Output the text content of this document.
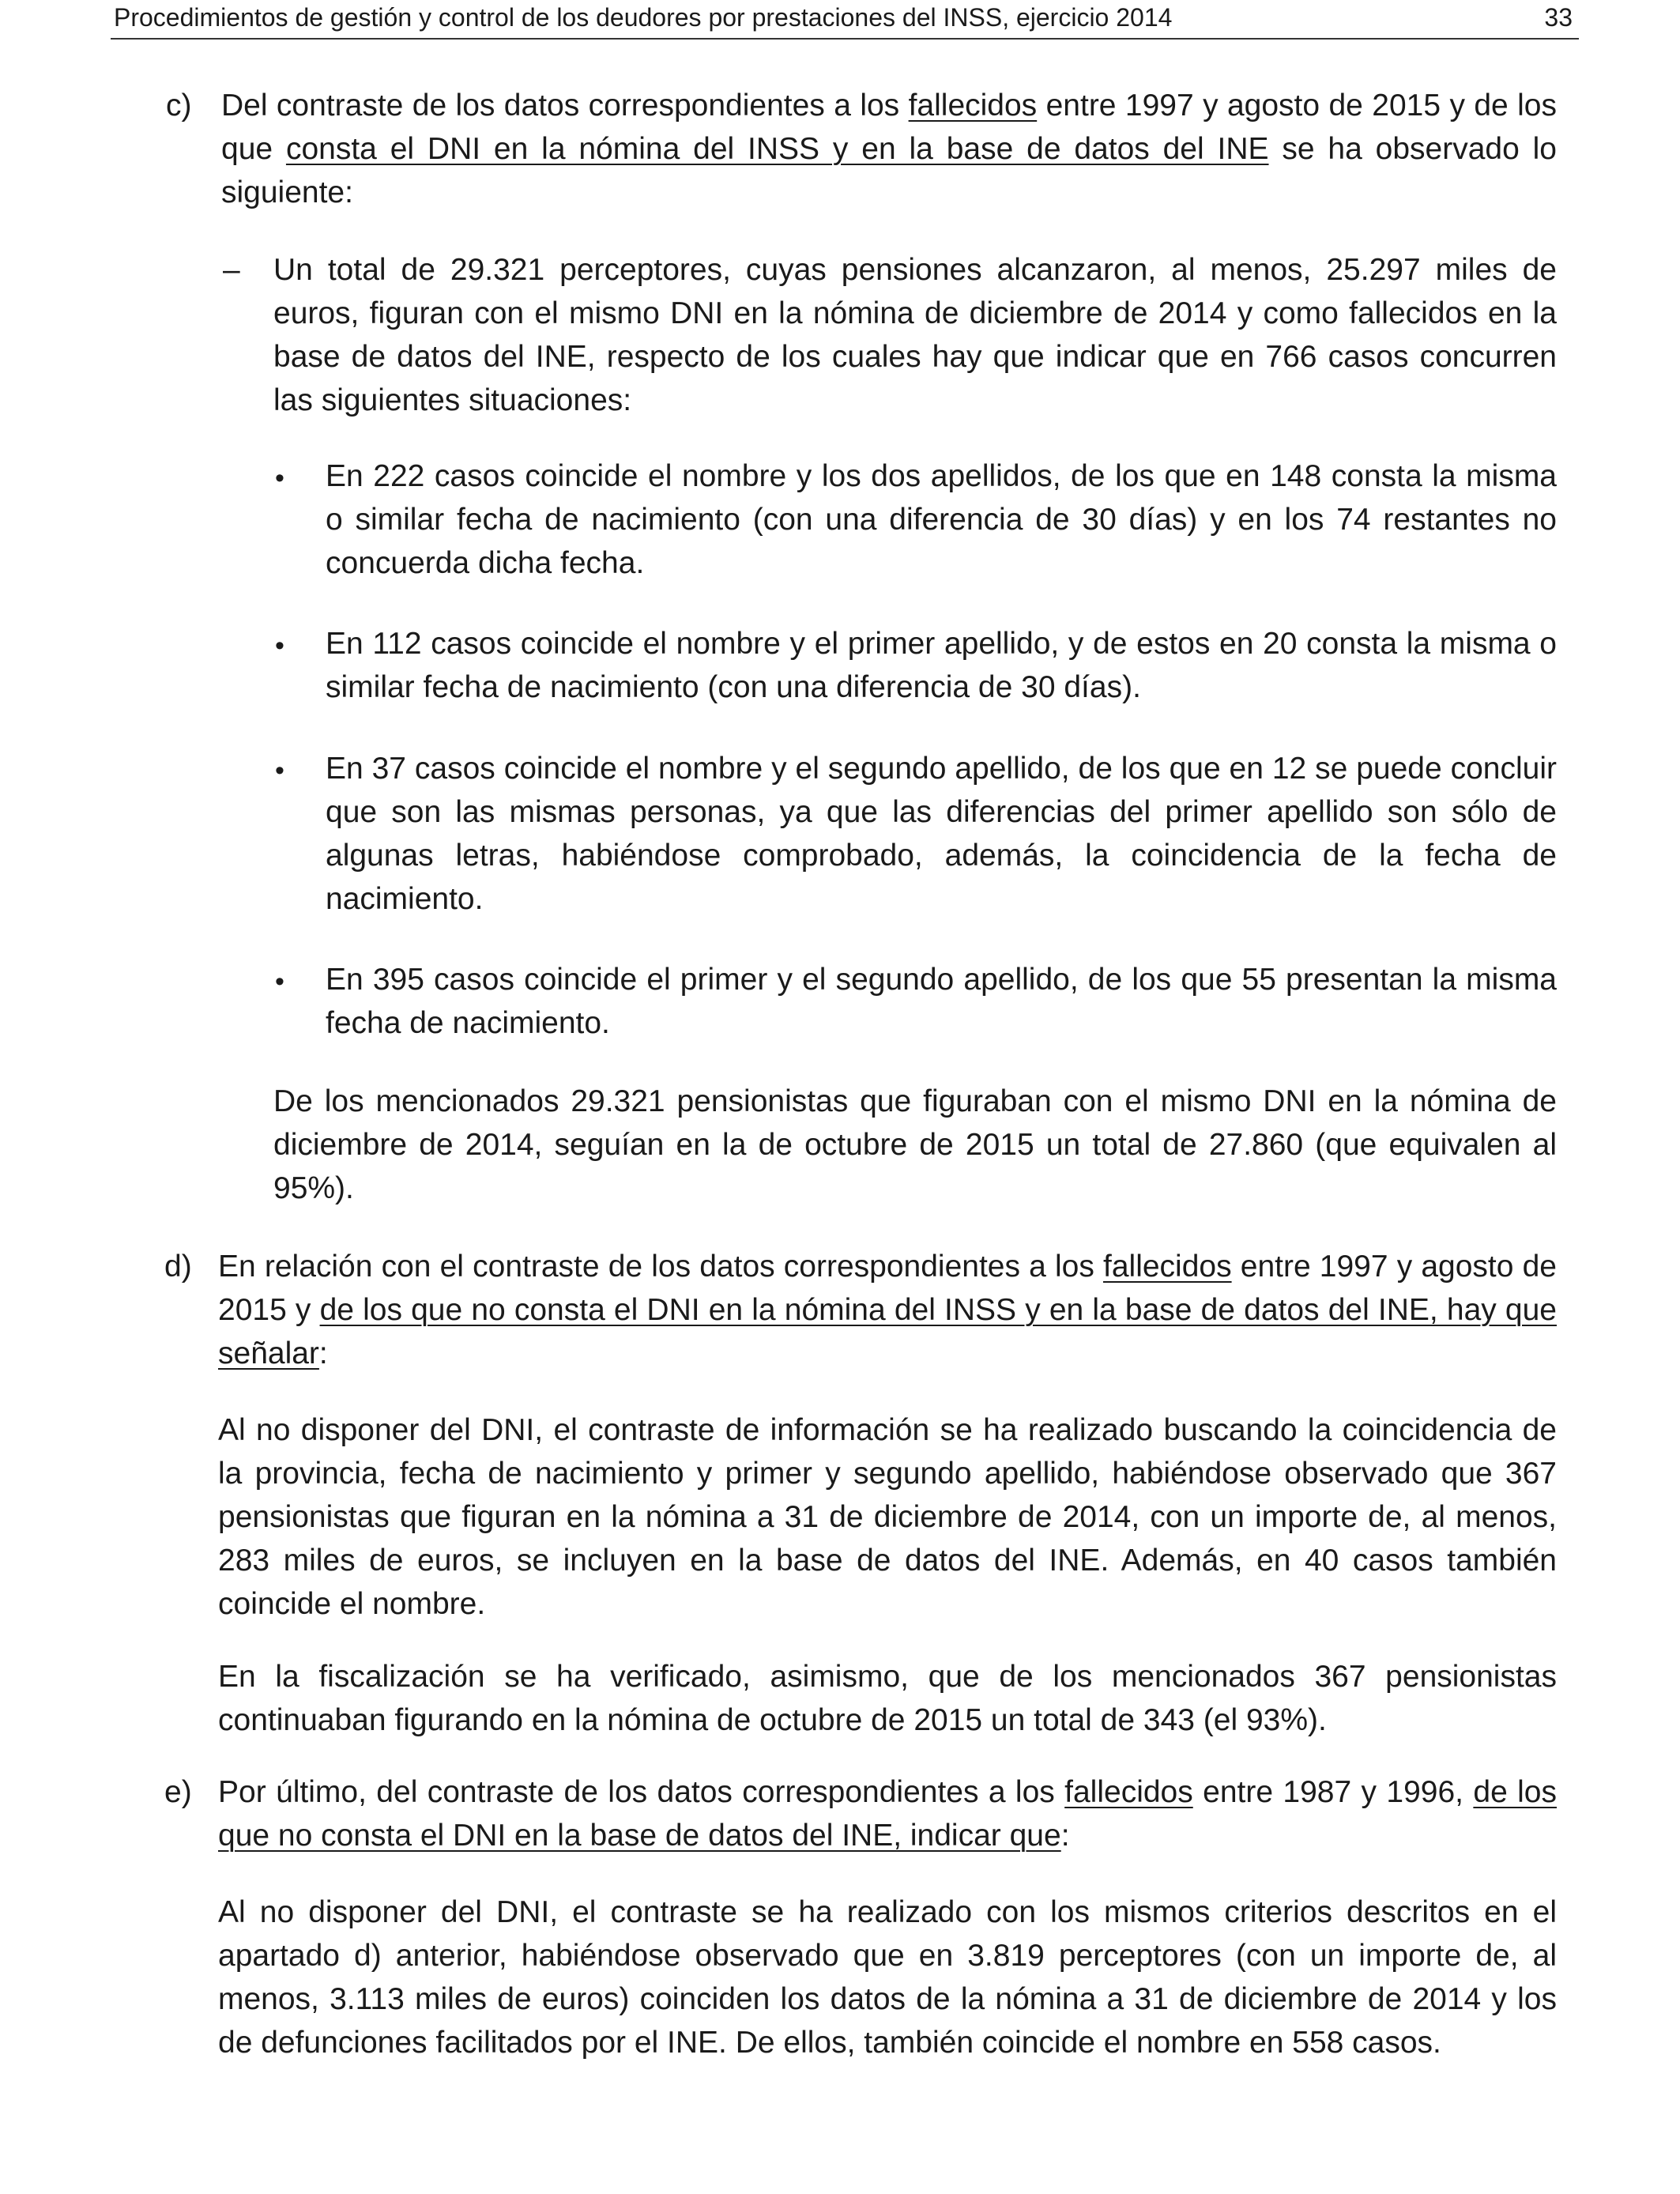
Procedimientos de gestión y control de los deudores por prestaciones del INSS, ejercicio 2014	33
c) Del contraste de los datos correspondientes a los fallecidos entre 1997 y agosto de 2015 y de los que consta el DNI en la nómina del INSS y en la base de datos del INE se ha observado lo siguiente:
– Un total de 29.321 perceptores, cuyas pensiones alcanzaron, al menos, 25.297 miles de euros, figuran con el mismo DNI en la nómina de diciembre de 2014 y como fallecidos en la base de datos del INE, respecto de los cuales hay que indicar que en 766 casos concurren las siguientes situaciones:
• En 222 casos coincide el nombre y los dos apellidos, de los que en 148 consta la misma o similar fecha de nacimiento (con una diferencia de 30 días) y en los 74 restantes no concuerda dicha fecha.
• En 112 casos coincide el nombre y el primer apellido, y de estos en 20 consta la misma o similar fecha de nacimiento (con una diferencia de 30 días).
• En 37 casos coincide el nombre y el segundo apellido, de los que en 12 se puede concluir que son las mismas personas, ya que las diferencias del primer apellido son sólo de algunas letras, habiéndose comprobado, además, la coincidencia de la fecha de nacimiento.
• En 395 casos coincide el primer y el segundo apellido, de los que 55 presentan la misma fecha de nacimiento.
De los mencionados 29.321 pensionistas que figuraban con el mismo DNI en la nómina de diciembre de 2014, seguían en la de octubre de 2015 un total de 27.860 (que equivalen al 95%).
d) En relación con el contraste de los datos correspondientes a los fallecidos entre 1997 y agosto de 2015 y de los que no consta el DNI en la nómina del INSS y en la base de datos del INE, hay que señalar:
Al no disponer del DNI, el contraste de información se ha realizado buscando la coincidencia de la provincia, fecha de nacimiento y primer y segundo apellido, habiéndose observado que 367 pensionistas que figuran en la nómina a 31 de diciembre de 2014, con un importe de, al menos, 283 miles de euros, se incluyen en la base de datos del INE. Además, en 40 casos también coincide el nombre.
En la fiscalización se ha verificado, asimismo, que de los mencionados 367 pensionistas continuaban figurando en la nómina de octubre de 2015 un total de 343 (el 93%).
e) Por último, del contraste de los datos correspondientes a los fallecidos entre 1987 y 1996, de los que no consta el DNI en la base de datos del INE, indicar que:
Al no disponer del DNI, el contraste se ha realizado con los mismos criterios descritos en el apartado d) anterior, habiéndose observado que en 3.819 perceptores (con un importe de, al menos, 3.113 miles de euros) coinciden los datos de la nómina a 31 de diciembre de 2014 y los de defunciones facilitados por el INE. De ellos, también coincide el nombre en 558 casos.
